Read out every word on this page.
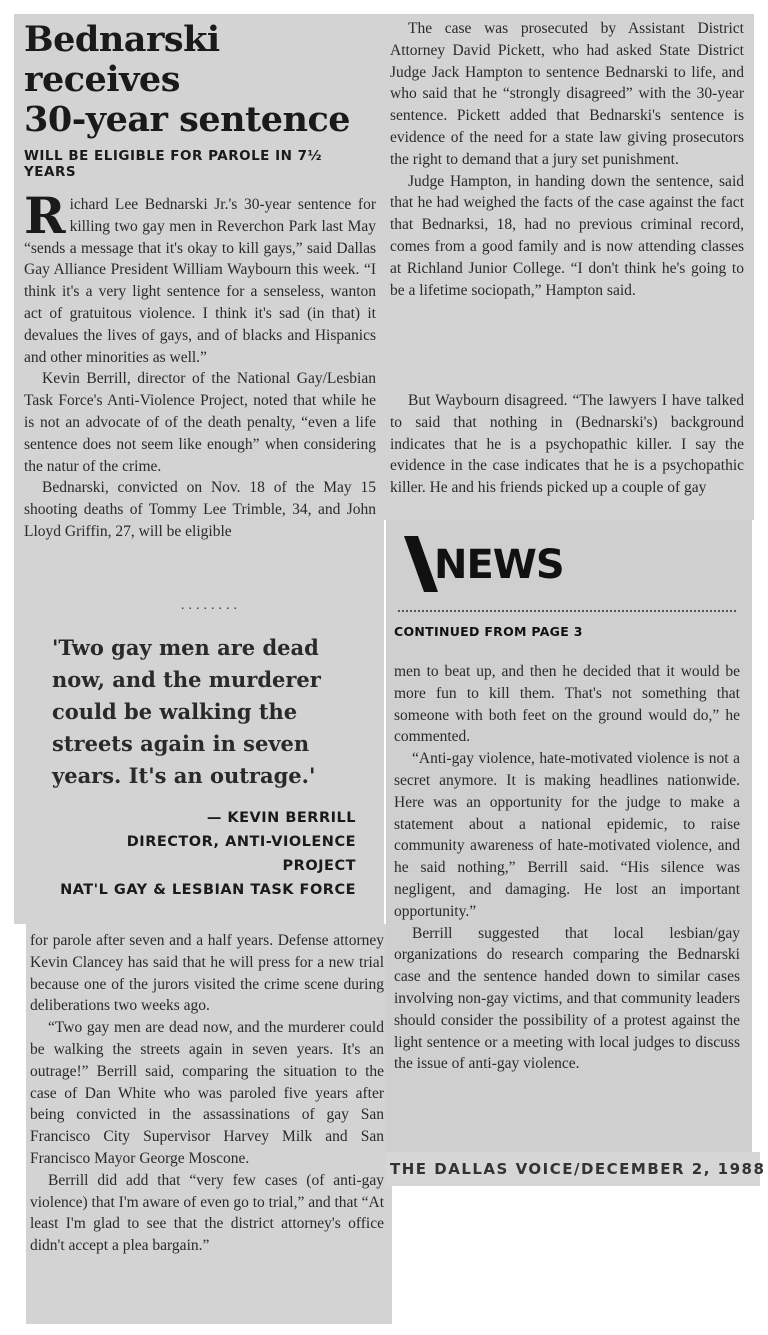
Bednarski receives
30-year sentence
WILL BE ELIGIBLE FOR PAROLE IN 7½ YEARS

Richard Lee Bednarski Jr.'s 30-year sentence for killing two gay men in Reverchon Park last May “sends a message that it's okay to kill gays,” said Dallas Gay Alliance President William Waybourn this week. “I think it's a very light sentence for a senseless, wanton act of gratuitous violence. I think it's sad (in that) it devalues the lives of gays, and of blacks and Hispanics and other minorities as well.”

Kevin Berrill, director of the National Gay/Lesbian Task Force's Anti-Violence Project, noted that while he is not an advocate of of the death penalty, “even a life sentence does not seem like enough” when considering the natur of the crime.

Bednarski, convicted on Nov. 18 of the May 15 shooting deaths of Tommy Lee Trimble, 34, and John Lloyd Griffin, 27, will be eligible

........
'Two gay men are dead
now, and the murderer
could be walking the
streets again in seven
years. It's an outrage.'
— KEVIN BERRILL
DIRECTOR, ANTI-VIOLENCE PROJECT
NAT'L GAY & LESBIAN TASK FORCE

for parole after seven and a half years. Defense attorney Kevin Clancey has said that he will press for a new trial because one of the jurors visited the crime scene during deliberations two weeks ago.

“Two gay men are dead now, and the murderer could be walking the streets again in seven years. It's an outrage!” Berrill said, comparing the situation to the case of Dan White who was paroled five years after being convicted in the assassinations of gay San Francisco City Supervisor Harvey Milk and San Francisco Mayor George Moscone.

Berrill did add that “very few cases (of anti-gay violence) that I'm aware of even go to trial,” and that “At least I'm glad to see that the district attorney's office didn't accept a plea bargain.”

The case was prosecuted by Assistant District Attorney David Pickett, who had asked State District Judge Jack Hampton to sentence Bednarski to life, and who said that he “strongly disagreed” with the 30-year sentence. Pickett added that Bednarski's sentence is evidence of the need for a state law giving prosecutors the right to demand that a jury set punishment.

Judge Hampton, in handing down the sentence, said that he had weighed the facts of the case against the fact that Bednarksi, 18, had no previous criminal record, comes from a good family and is now attending classes at Richland Junior College. “I don't think he's going to be a lifetime sociopath,” Hampton said.

But Waybourn disagreed. “The lawyers I have talked to said that nothing in (Bednarski's) background indicates that he is a psychopathic killer. I say the evidence in the case indicates that he is a psychopathic killer. He and his friends picked up a couple of gay

NEWS
CONTINUED FROM PAGE 3

men to beat up, and then he decided that it would be more fun to kill them. That's not something that someone with both feet on the ground would do,” he commented.

“Anti-gay violence, hate-motivated violence is not a secret anymore. It is making headlines nationwide. Here was an opportunity for the judge to make a statement about a national epidemic, to raise community awareness of hate-motivated violence, and he said nothing,” Berrill said. “His silence was negligent, and damaging. He lost an important opportunity.”

Berrill suggested that local lesbian/gay organizations do research comparing the Bednarski case and the sentence handed down to similar cases involving non-gay victims, and that community leaders should consider the possibility of a protest against the light sentence or a meeting with local judges to discuss the issue of anti-gay violence.

THE DALLAS VOICE/DECEMBER 2, 1988
